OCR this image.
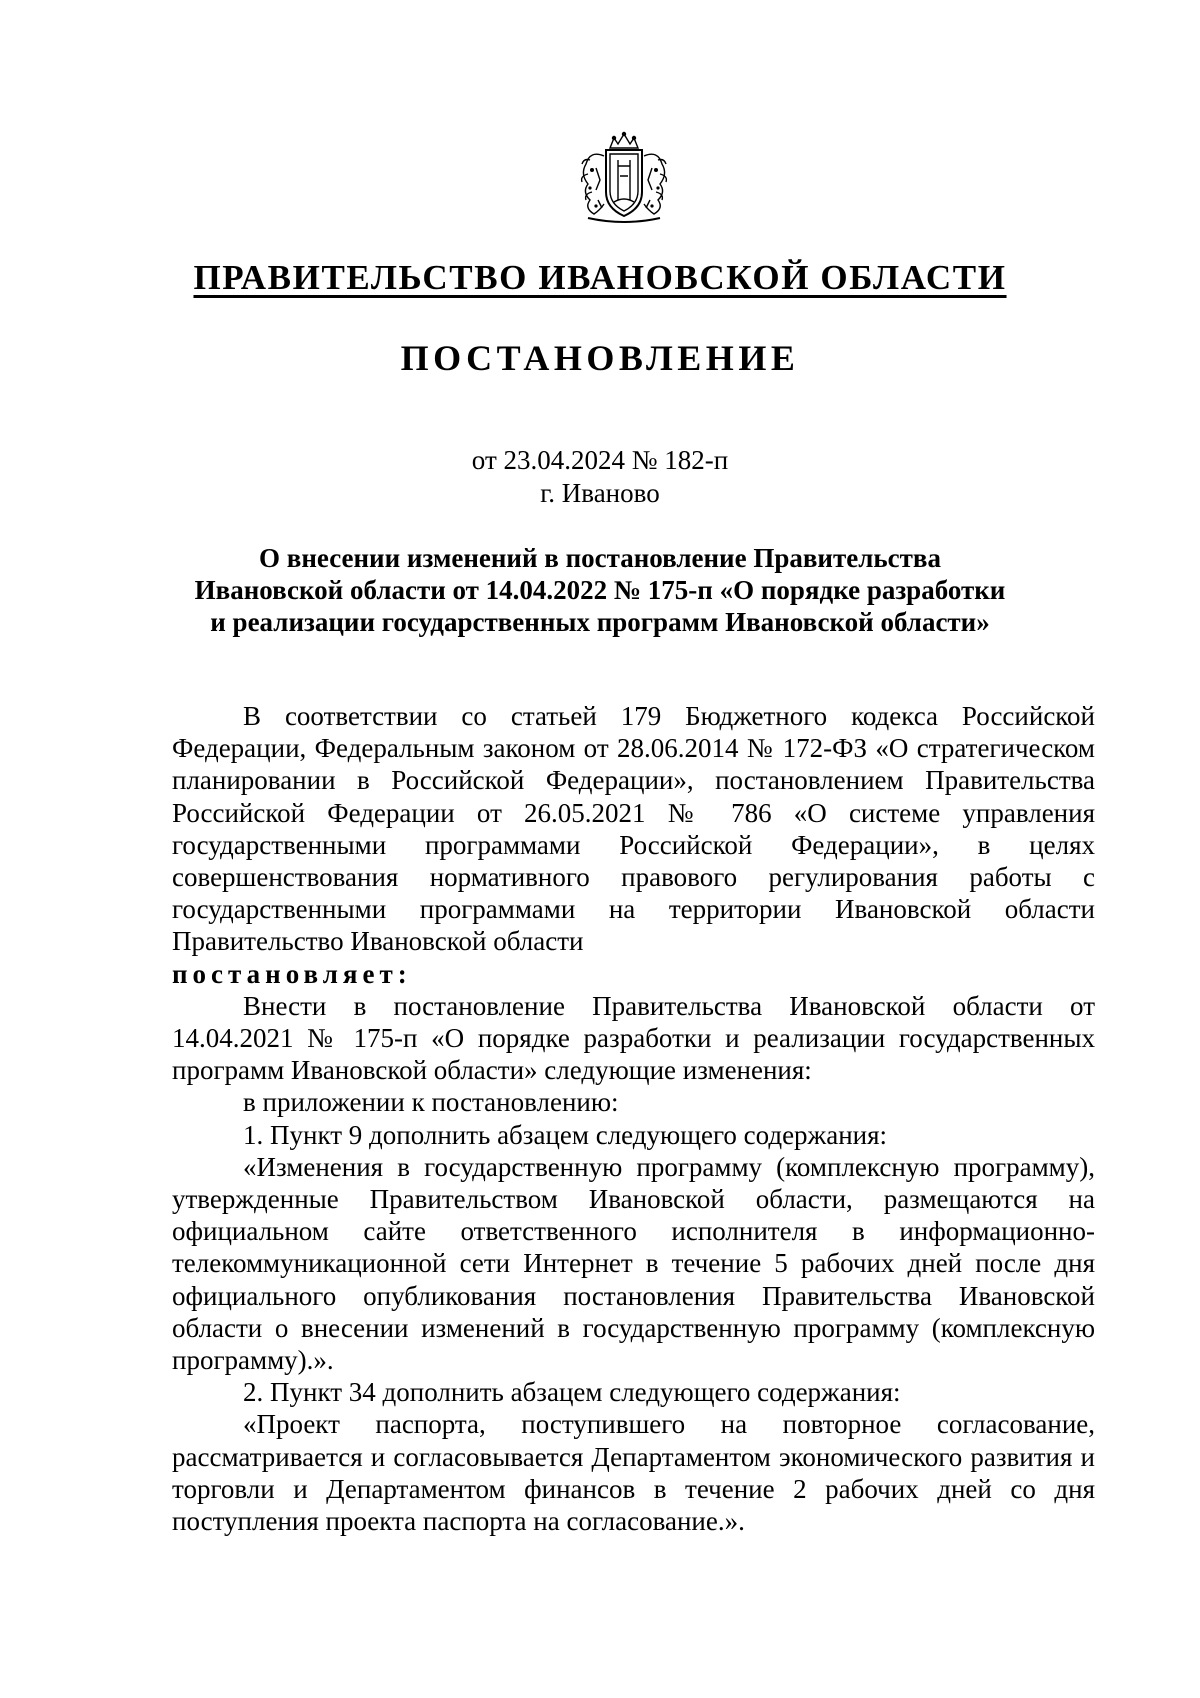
ПРАВИТЕЛЬСТВО ИВАНОВСКОЙ ОБЛАСТИ
ПОСТАНОВЛЕНИЕ
от 23.04.2024 № 182-п
г. Иваново
О внесении изменений в постановление Правительства
Ивановской области от 14.04.2022 № 175-п «О порядке разработки
и реализации государственных программ Ивановской области»

В соответствии со статьей 179 Бюджетного кодекса Российской Федерации, Федеральным законом от 28.06.2014 № 172-ФЗ «О стратегическом планировании в Российской Федерации», постановлением Правительства Российской Федерации от 26.05.2021 № 786 «О системе управления государственными программами Российской Федерации», в целях совершенствования нормативного правового регулирования работы с государственными программами на территории Ивановской области Правительство Ивановской области

постановляет:

Внести в постановление Правительства Ивановской области от 14.04.2021 № 175-п «О порядке разработки и реализации государственных программ Ивановской области» следующие изменения:

в приложении к постановлению:

1. Пункт 9 дополнить абзацем следующего содержания:

«Изменения в государственную программу (комплексную программу), утвержденные Правительством Ивановской области, размещаются на официальном сайте ответственного исполнителя в информационно-телекоммуникационной сети Интернет в течение 5 рабочих дней после дня официального опубликования постановления Правительства Ивановской области о внесении изменений в государственную программу (комплексную программу).».

2. Пункт 34 дополнить абзацем следующего содержания:

«Проект паспорта, поступившего на повторное согласование, рассматривается и согласовывается Департаментом экономического развития и торговли и Департаментом финансов в течение 2 рабочих дней со дня поступления проекта паспорта на согласование.».
